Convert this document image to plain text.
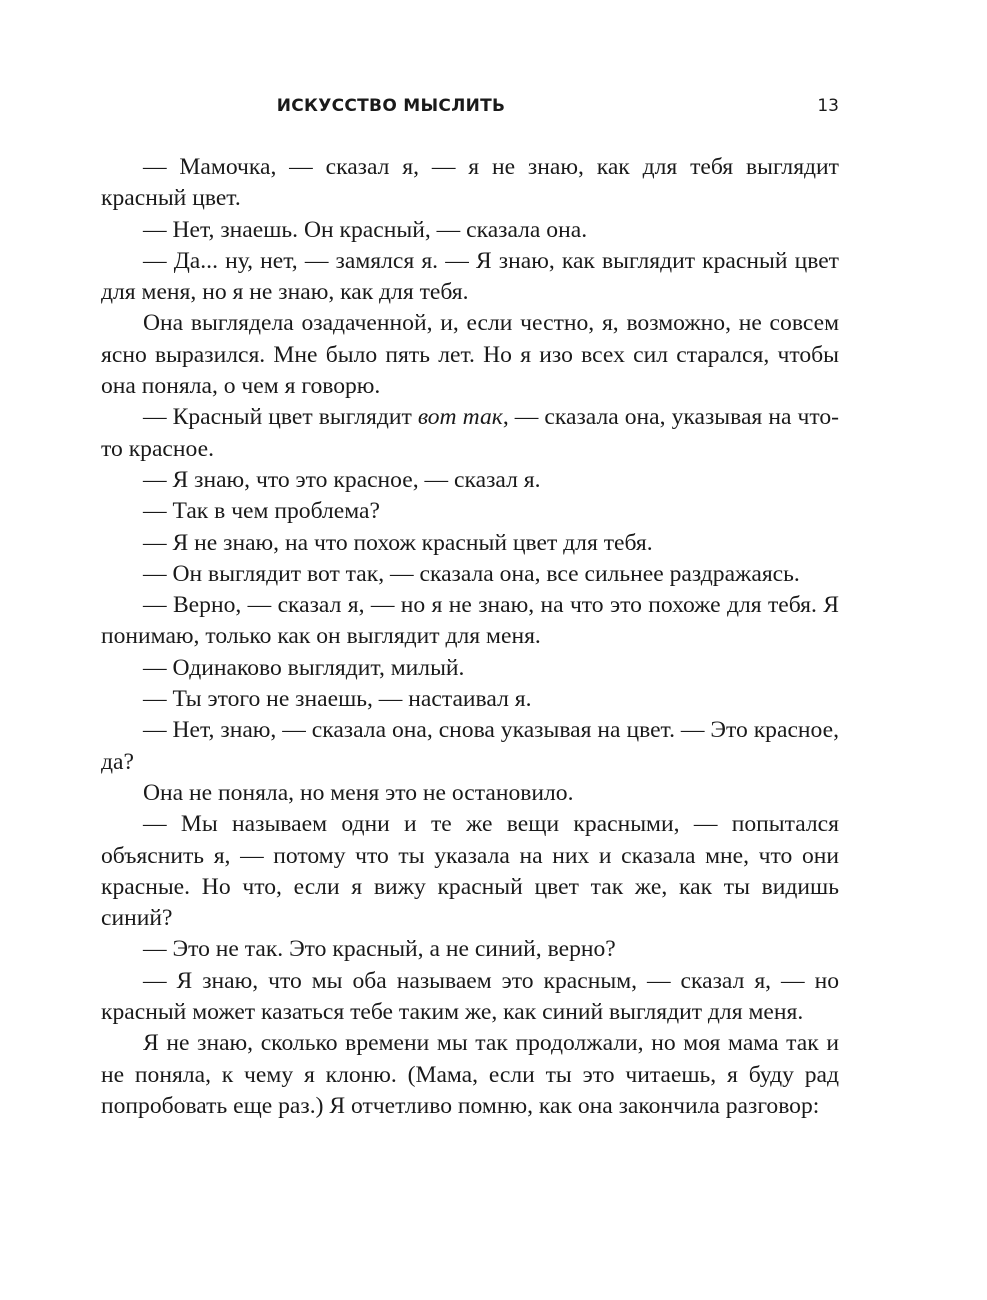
ИСКУССТВО МЫСЛИТЬ	13

— Мамочка, — сказал я, — я не знаю, как для тебя выглядит красный цвет.

— Нет, знаешь. Он красный, — сказала она.

— Да... ну, нет, — замялся я. — Я знаю, как выглядит красный цвет для меня, но я не знаю, как для тебя.

Она выглядела озадаченной, и, если честно, я, возможно, не совсем ясно выразился. Мне было пять лет. Но я изо всех сил старался, чтобы она поняла, о чем я говорю.

— Красный цвет выглядит вот так, — сказала она, указывая на что-то красное.

— Я знаю, что это красное, — сказал я.

— Так в чем проблема?

— Я не знаю, на что похож красный цвет для тебя.

— Он выглядит вот так, — сказала она, все сильнее раздражаясь.

— Верно, — сказал я, — но я не знаю, на что это похоже для тебя. Я понимаю, только как он выглядит для меня.

— Одинаково выглядит, милый.

— Ты этого не знаешь, — настаивал я.

— Нет, знаю, — сказала она, снова указывая на цвет. — Это красное, да?

Она не поняла, но меня это не остановило.

— Мы называем одни и те же вещи красными, — попытался объяснить я, — потому что ты указала на них и сказала мне, что они красные. Но что, если я вижу красный цвет так же, как ты видишь синий?

— Это не так. Это красный, а не синий, верно?

— Я знаю, что мы оба называем это красным, — сказал я, — но красный может казаться тебе таким же, как синий выглядит для меня.

Я не знаю, сколько времени мы так продолжали, но моя мама так и не поняла, к чему я клоню. (Мама, если ты это читаешь, я буду рад попробовать еще раз.) Я отчетливо помню, как она закончила разговор:
